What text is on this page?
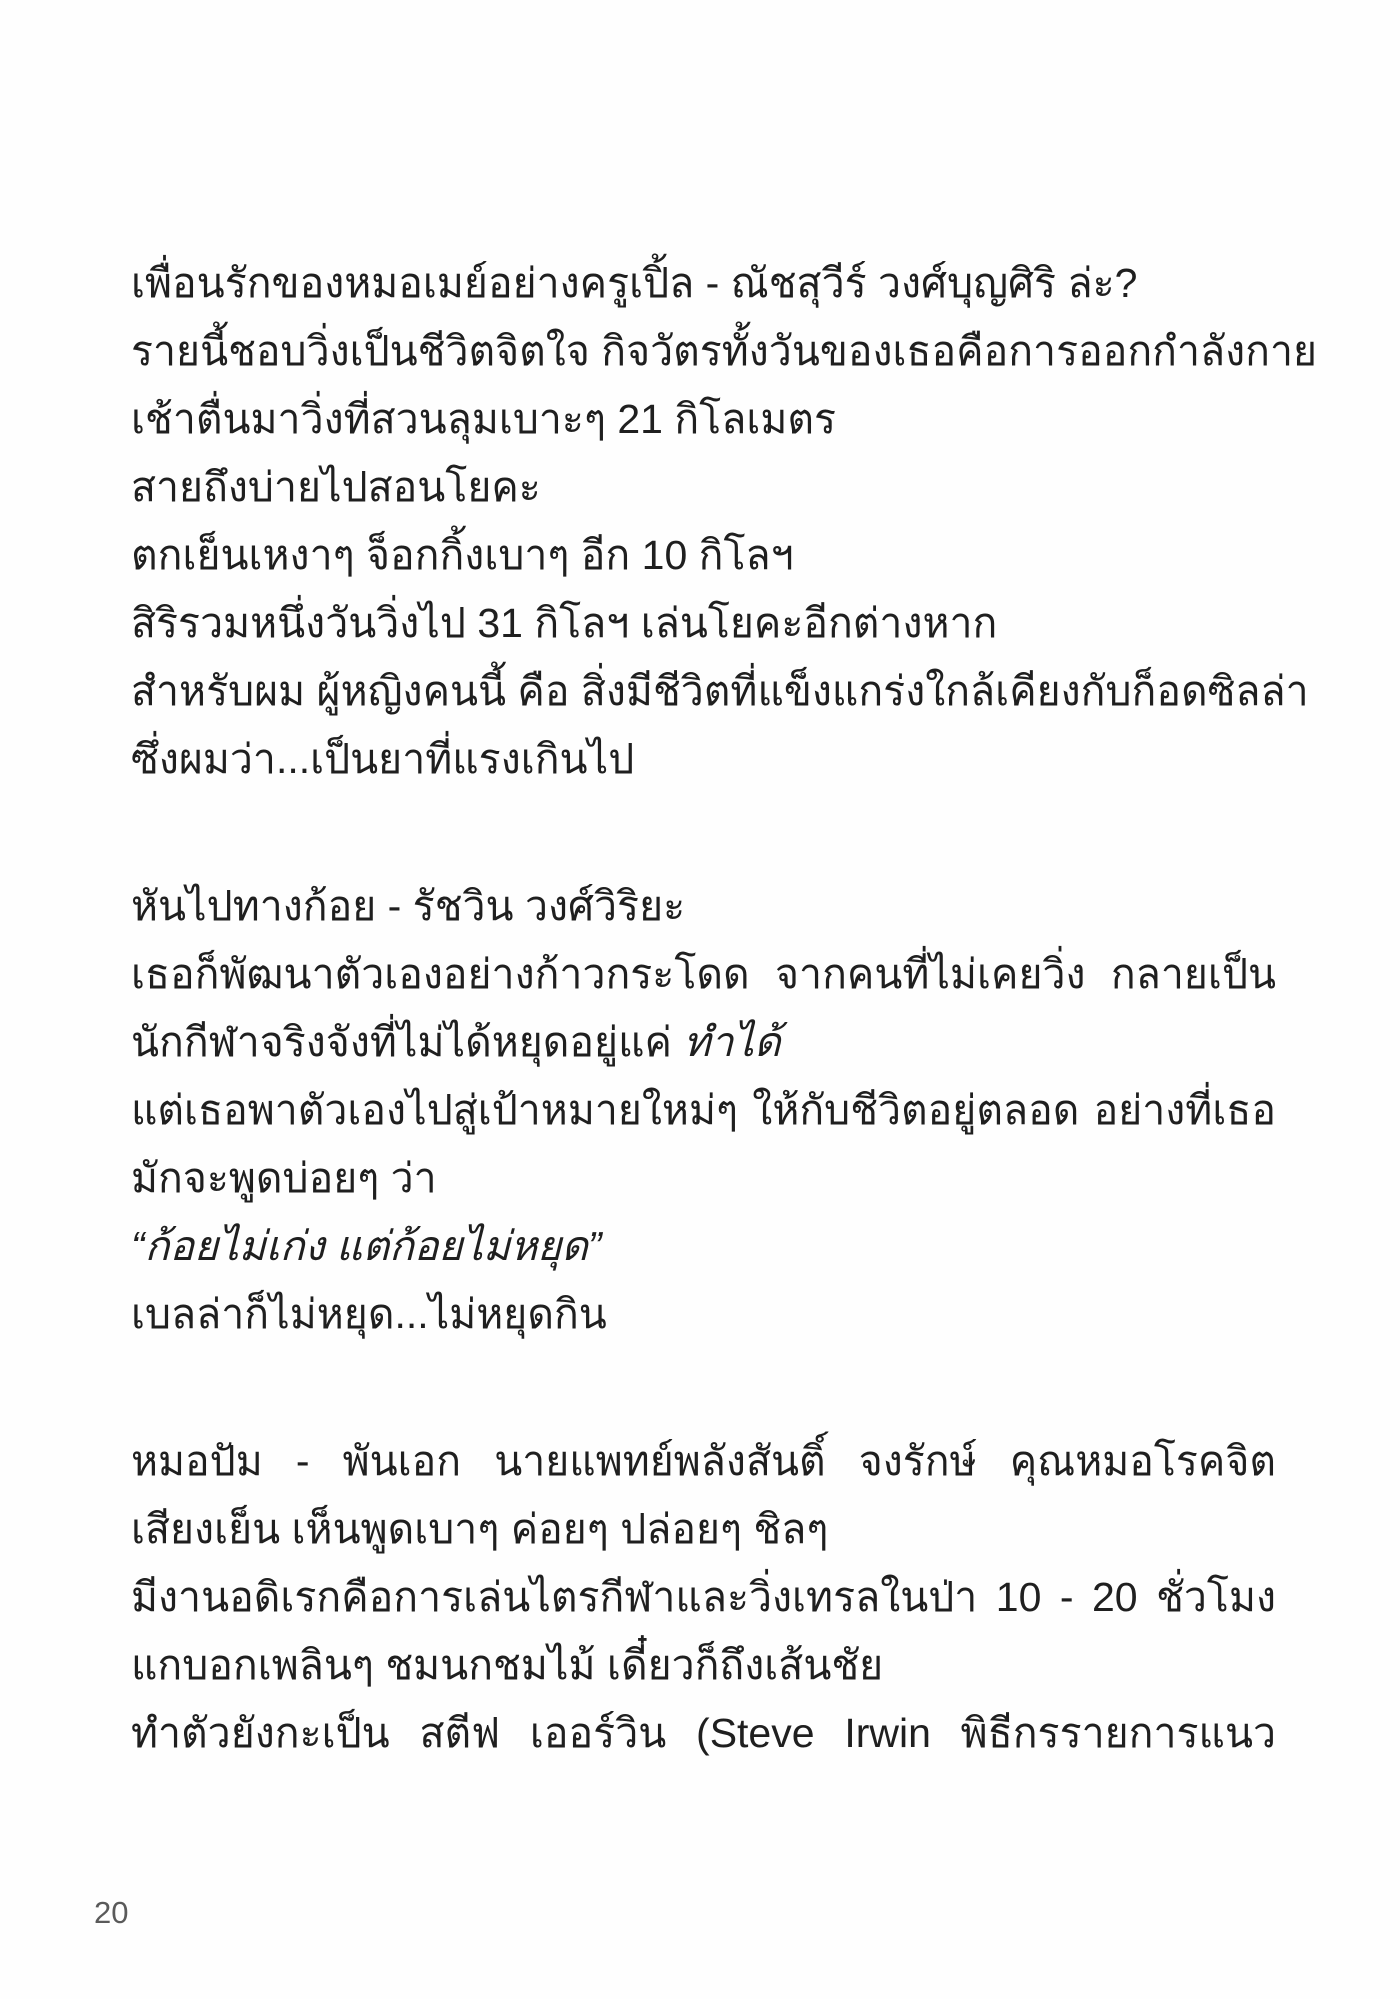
เพื่อนรักของหมอเมย์อย่างครูเปิ้ล - ณัชสุวีร์ วงศ์บุญศิริ ล่ะ?
รายนี้ชอบวิ่งเป็นชีวิตจิตใจ กิจวัตรทั้งวันของเธอคือการออกกำลังกาย
เช้าตื่นมาวิ่งที่สวนลุมเบาะๆ 21 กิโลเมตร
สายถึงบ่ายไปสอนโยคะ
ตกเย็นเหงาๆ จ็อกกิ้งเบาๆ อีก 10 กิโลฯ
สิริรวมหนึ่งวันวิ่งไป 31 กิโลฯ เล่นโยคะอีกต่างหาก
สำหรับผม ผู้หญิงคนนี้ คือ สิ่งมีชีวิตที่แข็งแกร่งใกล้เคียงกับก็อดซิลล่า
ซึ่งผมว่า...เป็นยาที่แรงเกินไป
หันไปทางก้อย - รัชวิน วงศ์วิริยะ
เธอก็พัฒนาตัวเองอย่างก้าวกระโดด จากคนที่ไม่เคยวิ่ง กลายเป็น
นักกีฬาจริงจังที่ไม่ได้หยุดอยู่แค่ ทำได้
แต่เธอพาตัวเองไปสู่เป้าหมายใหม่ๆ ให้กับชีวิตอยู่ตลอด อย่างที่เธอ
มักจะพูดบ่อยๆ ว่า
“ก้อยไม่เก่ง แต่ก้อยไม่หยุด”
เบลล่าก็ไม่หยุด...ไม่หยุดกิน
หมอปัม - พันเอก นายแพทย์พลังสันติ์ จงรักษ์ คุณหมอโรคจิต
เสียงเย็น เห็นพูดเบาๆ ค่อยๆ ปล่อยๆ ชิลๆ
มีงานอดิเรกคือการเล่นไตรกีฬาและวิ่งเทรลในป่า 10 - 20 ชั่วโมง
แกบอกเพลินๆ ชมนกชมไม้ เดี๋ยวก็ถึงเส้นชัย
ทำตัวยังกะเป็น สตีฟ เออร์วิน (Steve Irwin พิธีกรรายการแนว
20
